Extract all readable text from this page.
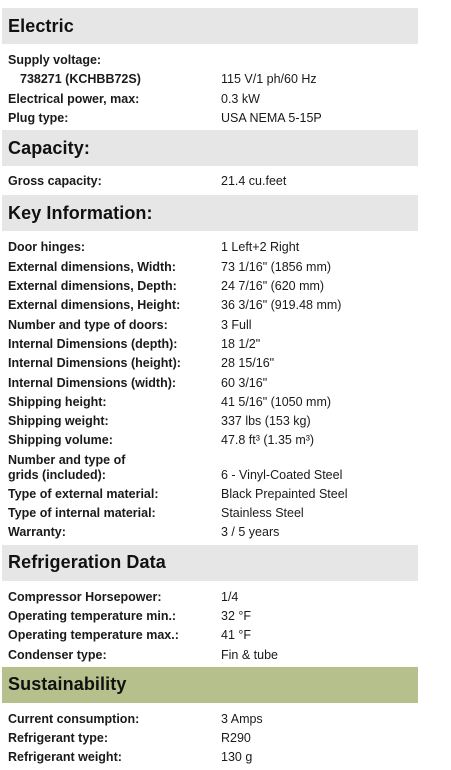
Electric
Supply voltage:
738271 (KCHBB72S)	115 V/1 ph/60 Hz
Electrical power, max:	0.3 kW
Plug type:	USA NEMA 5-15P
Capacity:
Gross capacity:	21.4 cu.feet
Key Information:
Door hinges:	1 Left+2 Right
External dimensions, Width:	73 1/16" (1856 mm)
External dimensions, Depth:	24 7/16" (620 mm)
External dimensions, Height:	36 3/16" (919.48 mm)
Number and type of doors:	3 Full
Internal Dimensions (depth):	18 1/2"
Internal Dimensions (height):	28 15/16"
Internal Dimensions (width):	60 3/16"
Shipping height:	41 5/16" (1050 mm)
Shipping weight:	337 lbs (153 kg)
Shipping volume:	47.8 ft³ (1.35 m³)
Number and type of grids (included):	6 - Vinyl-Coated Steel
Type of external material:	Black Prepainted Steel
Type of internal material:	Stainless Steel
Warranty:	3 / 5 years
Refrigeration Data
Compressor Horsepower:	1/4
Operating temperature min.:	32 °F
Operating temperature max.:	41 °F
Condenser type:	Fin & tube
Sustainability
Current consumption:	3 Amps
Refrigerant type:	R290
Refrigerant weight:	130 g
